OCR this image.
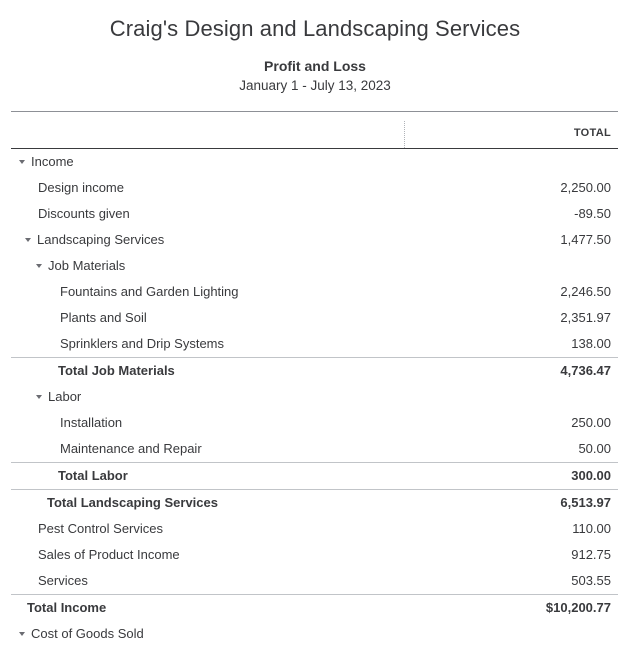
Craig's Design and Landscaping Services
Profit and Loss
January 1 - July 13, 2023
TOTAL
Income
Design income	2,250.00
Discounts given	-89.50
Landscaping Services	1,477.50
Job Materials
Fountains and Garden Lighting	2,246.50
Plants and Soil	2,351.97
Sprinklers and Drip Systems	138.00
Total Job Materials	4,736.47
Labor
Installation	250.00
Maintenance and Repair	50.00
Total Labor	300.00
Total Landscaping Services	6,513.97
Pest Control Services	110.00
Sales of Product Income	912.75
Services	503.55
Total Income	$10,200.77
Cost of Goods Sold
